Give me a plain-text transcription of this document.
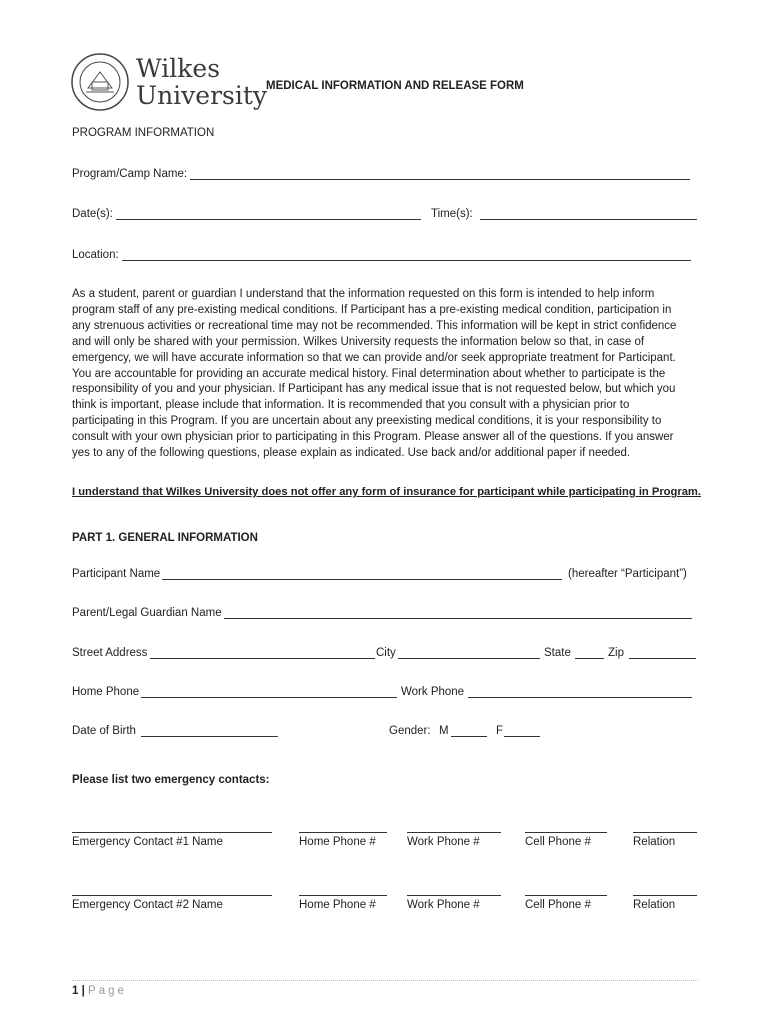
Wilkes
University
MEDICAL INFORMATION AND RELEASE FORM
PROGRAM INFORMATION
Program/Camp Name:
Date(s):	Time(s):
Location:
As a student, parent or guardian I understand that the information requested on this form is intended to help inform
program staff of any pre-existing medical conditions. If Participant has a pre-existing medical condition, participation in
any strenuous activities or recreational time may not be recommended. This information will be kept in strict confidence
and will only be shared with your permission. Wilkes University requests the information below so that, in case of
emergency, we will have accurate information so that we can provide and/or seek appropriate treatment for Participant.
You are accountable for providing an accurate medical history. Final determination about whether to participate is the
responsibility of you and your physician. If Participant has any medical issue that is not requested below, but which you
think is important, please include that information. It is recommended that you consult with a physician prior to
participating in this Program. If you are uncertain about any preexisting medical conditions, it is your responsibility to
consult with your own physician prior to participating in this Program. Please answer all of the questions. If you answer
yes to any of the following questions, please explain as indicated. Use back and/or additional paper if needed.
I understand that Wilkes University does not offer any form of insurance for participant while participating in Program.
PART 1. GENERAL INFORMATION
Participant Name	(hereafter “Participant”)
Parent/Legal Guardian Name
Street Address	City	State	Zip
Home Phone	Work Phone
Date of Birth	Gender: M	F
Please list two emergency contacts:
Emergency Contact #1 Name	Home Phone #	Work Phone #	Cell Phone #	Relation
Emergency Contact #2 Name	Home Phone #	Work Phone #	Cell Phone #	Relation
1 | Page
